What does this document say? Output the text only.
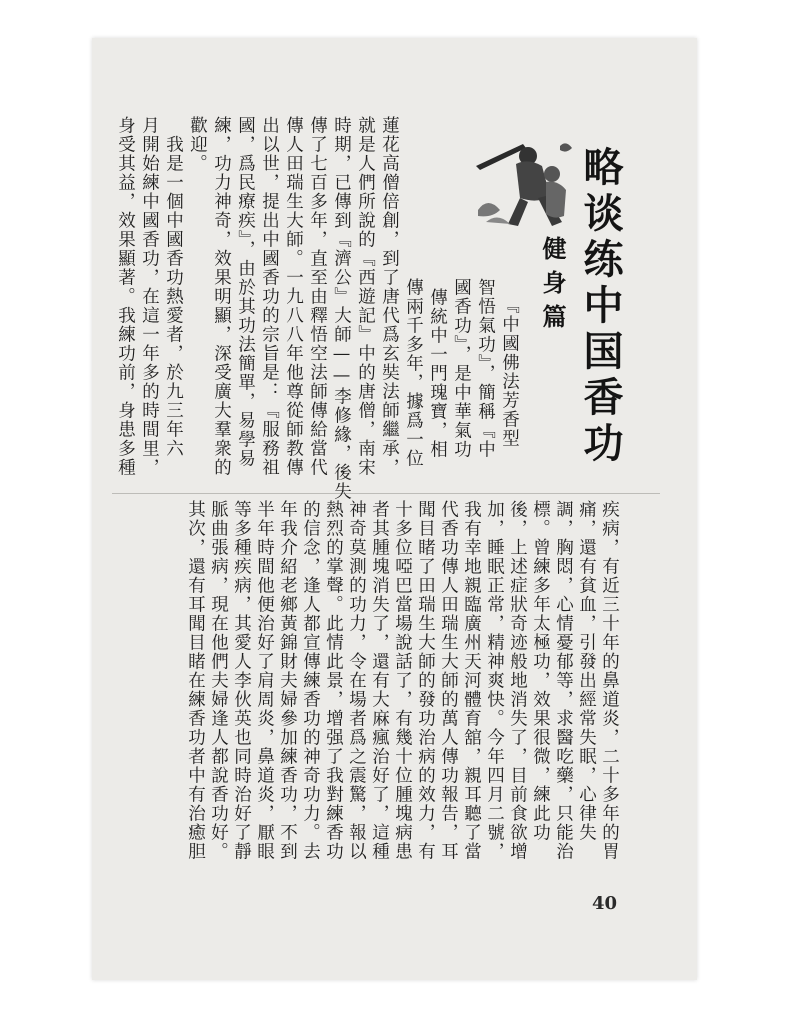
略谈练中国香功
健身篇
『中國佛法芳香型
智悟氣功』，簡稱『中
國香功』，是中華氣功
傳統中一門瑰寶，相
傳兩千多年，據爲一位
蓮花高僧倍創，到了唐代爲玄奘法師繼承，
就是人們所說的『西遊記』中的唐僧，南宋
時期，已傳到『濟公』大師——李修緣，後失
傳了七百多年，直至由釋悟空法師傳給當代
傳人田瑞生大師。一九八八年他尊從師教傳
出以世，提出中國香功的宗旨是：『服務祖
國，爲民療疾』，由於其功法簡單，易學易
練，功力神奇，效果明顯，深受廣大羣衆的
歡迎。
　我是一個中國香功熱愛者，於九三年六
月開始練中國香功，在這一年多的時間里，
身受其益，效果顯著。我練功前，身患多種
疾病，有近三十年的鼻道炎，二十多年的胃
痛，還有貧血，引發出經常失眠，心律失
調，胸悶，心情憂郁等，求醫吃藥，只能治
標。曾練多年太極功，效果很微，練此功
後，上述症狀奇迹般地消失了，目前食欲增
加，睡眠正常，精神爽快。今年四月二號，
我有幸地親臨廣州天河體育舘，親耳聽了當
代香功傳人田瑞生大師的萬人傳功報告，耳
聞目睹了田瑞生大師的發功治病的效力，有
十多位啞巴當場說話了，有幾十位腫塊病患
者其腫塊消失了，還有大麻瘋治好了，這種
神奇莫測的功力，令在場者爲之震驚，報以
熱烈的掌聲。此情此景，增强了我對練香功
的信念，逢人都宣傳練香功的神奇功力。去
年我介紹老鄉黃錦財夫婦參加練香功，不到
半年時間他便治好了肩周炎，鼻道炎，厭眼
等多種疾病，其愛人李伙英也同時治好了靜
脈曲張病，現在他們夫婦逢人都說香功好。
其次，還有耳聞目睹在練香功者中有治癒胆
40
